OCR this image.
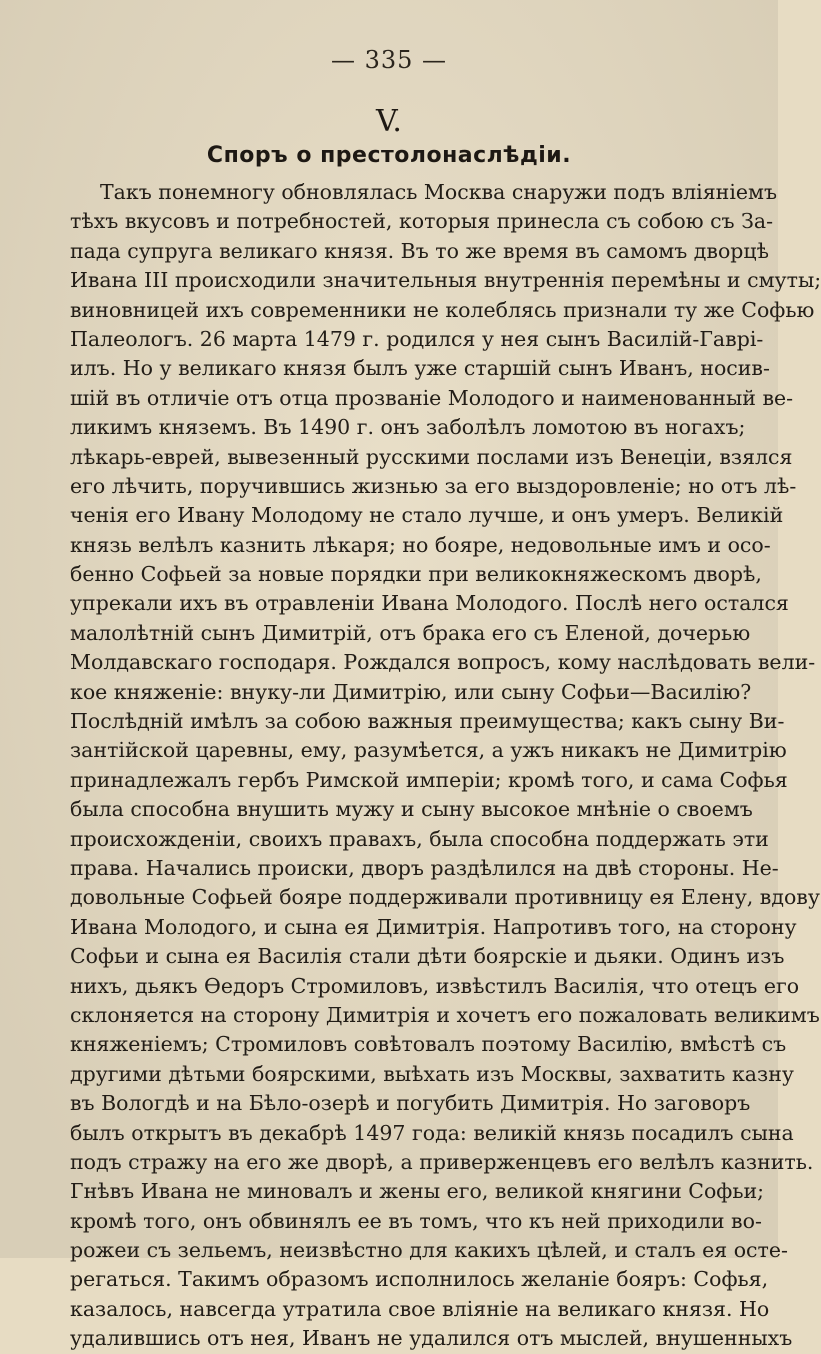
— 335 —
V.
Споръ о престолонаслѣдіи.
Такъ понемногу обновлялась Москва снаружи подъ вліяніемъ
тѣхъ вкусовъ и потребностей, которыя принесла съ собою съ За-
пада супруга великаго князя. Въ то же время въ самомъ дворцѣ
Ивана III происходили значительныя внутреннія перемѣны и смуты;
виновницей ихъ современники не колеблясь признали ту же Софью
Палеологъ. 26 марта 1479 г. родился у нея сынъ Василій-Гаврі-
илъ. Но у великаго князя былъ уже старшій сынъ Иванъ, носив-
шій въ отличіе отъ отца прозваніе Молодого и наименованный ве-
ликимъ княземъ. Въ 1490 г. онъ заболѣлъ ломотою въ ногахъ;
лѣкарь-еврей, вывезенный русскими послами изъ Венеціи, взялся
его лѣчить, поручившись жизнью за его выздоровленіе; но отъ лѣ-
ченія его Ивану Молодому не стало лучше, и онъ умеръ. Великій
князь велѣлъ казнить лѣкаря; но бояре, недовольные имъ и осо-
бенно Софьей за новые порядки при великокняжескомъ дворѣ,
упрекали ихъ въ отравленіи Ивана Молодого. Послѣ него остался
малолѣтній сынъ Димитрій, отъ брака его съ Еленой, дочерью
Молдавскаго господаря. Рождался вопросъ, кому наслѣдовать вели-
кое княженіе: внуку-ли Димитрію, или сыну Софьи—Василію?
Послѣдній имѣлъ за собою важныя преимущества; какъ сыну Ви-
зантійской царевны, ему, разумѣется, а ужъ никакъ не Димитрію
принадлежалъ гербъ Римской имперіи; кромѣ того, и сама Софья
была способна внушить мужу и сыну высокое мнѣніе о своемъ
происхожденіи, своихъ правахъ, была способна поддержать эти
права. Начались происки, дворъ раздѣлился на двѣ стороны. Не-
довольные Софьей бояре поддерживали противницу ея Елену, вдову
Ивана Молодого, и сына ея Димитрія. Напротивъ того, на сторону
Софьи и сына ея Василія стали дѣти боярскіе и дьяки. Одинъ изъ
нихъ, дьякъ Ѳедоръ Стромиловъ, извѣстилъ Василія, что отецъ его
склоняется на сторону Димитрія и хочетъ его пожаловать великимъ
княженіемъ; Стромиловъ совѣтовалъ поэтому Василію, вмѣстѣ съ
другими дѣтьми боярскими, выѣхать изъ Москвы, захватить казну
въ Вологдѣ и на Бѣло-озерѣ и погубить Димитрія. Но заговоръ
былъ открытъ въ декабрѣ 1497 года: великій князь посадилъ сына
подъ стражу на его же дворѣ, а приверженцевъ его велѣлъ казнить.
Гнѣвъ Ивана не миновалъ и жены его, великой княгини Софьи;
кромѣ того, онъ обвинялъ ее въ томъ, что къ ней приходили во-
рожеи съ зельемъ, неизвѣстно для какихъ цѣлей, и сталъ ея осте-
регаться. Такимъ образомъ исполнилось желаніе бояръ: Софья,
казалось, навсегда утратила свое вліяніе на великаго князя. Но
удалившись отъ нея, Иванъ не удалился отъ мыслей, внушенныхъ
